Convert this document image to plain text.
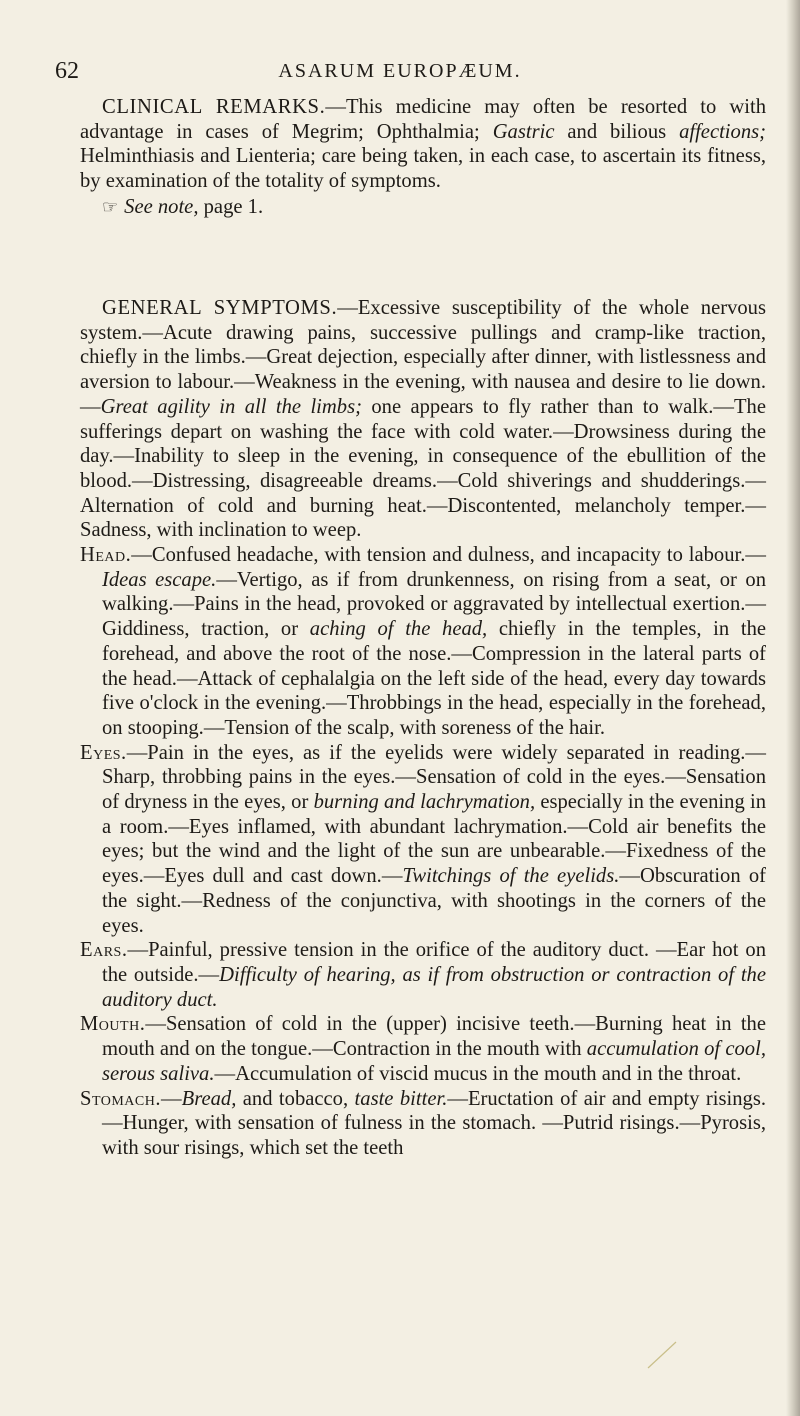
62	ASARUM EUROPÆUM.

CLINICAL REMARKS.—This medicine may often be resorted to with advantage in cases of Megrim; Ophthalmia; Gastric and bilious affections; Helminthiasis and Lienteria; care being taken, in each case, to ascertain its fitness, by examination of the totality of symptoms.

☞ See note, page 1.

GENERAL SYMPTOMS.—Excessive susceptibility of the whole nervous system.—Acute drawing pains, successive pullings and cramp-like traction, chiefly in the limbs.—Great dejection, especially after dinner, with listlessness and aversion to labour.—Weakness in the evening, with nausea and desire to lie down.—Great agility in all the limbs; one appears to fly rather than to walk.—The sufferings depart on washing the face with cold water.—Drowsiness during the day.—Inability to sleep in the evening, in consequence of the ebullition of the blood.—Distressing, disagreeable dreams.—Cold shiverings and shudderings.—Alternation of cold and burning heat.—Discontented, melancholy temper.—Sadness, with inclination to weep.

Head.—Confused headache, with tension and dulness, and incapacity to labour.—Ideas escape.—Vertigo, as if from drunkenness, on rising from a seat, or on walking.—Pains in the head, provoked or aggravated by intellectual exertion.—Giddiness, traction, or aching of the head, chiefly in the temples, in the forehead, and above the root of the nose.—Compression in the lateral parts of the head.—Attack of cephalalgia on the left side of the head, every day towards five o'clock in the evening.—Throbbings in the head, especially in the forehead, on stooping.—Tension of the scalp, with soreness of the hair.

Eyes.—Pain in the eyes, as if the eyelids were widely separated in reading.—Sharp, throbbing pains in the eyes.—Sensation of cold in the eyes.—Sensation of dryness in the eyes, or burning and lachrymation, especially in the evening in a room.—Eyes inflamed, with abundant lachrymation.—Cold air benefits the eyes; but the wind and the light of the sun are unbearable.—Fixedness of the eyes.—Eyes dull and cast down.—Twitchings of the eyelids.—Obscuration of the sight.—Redness of the conjunctiva, with shootings in the corners of the eyes.

Ears.—Painful, pressive tension in the orifice of the auditory duct. —Ear hot on the outside.—Difficulty of hearing, as if from obstruction or contraction of the auditory duct.

Mouth.—Sensation of cold in the (upper) incisive teeth.—Burning heat in the mouth and on the tongue.—Contraction in the mouth with accumulation of cool, serous saliva.—Accumulation of viscid mucus in the mouth and in the throat.

Stomach.—Bread, and tobacco, taste bitter.—Eructation of air and empty risings.—Hunger, with sensation of fulness in the stomach. —Putrid risings.—Pyrosis, with sour risings, which set the teeth
